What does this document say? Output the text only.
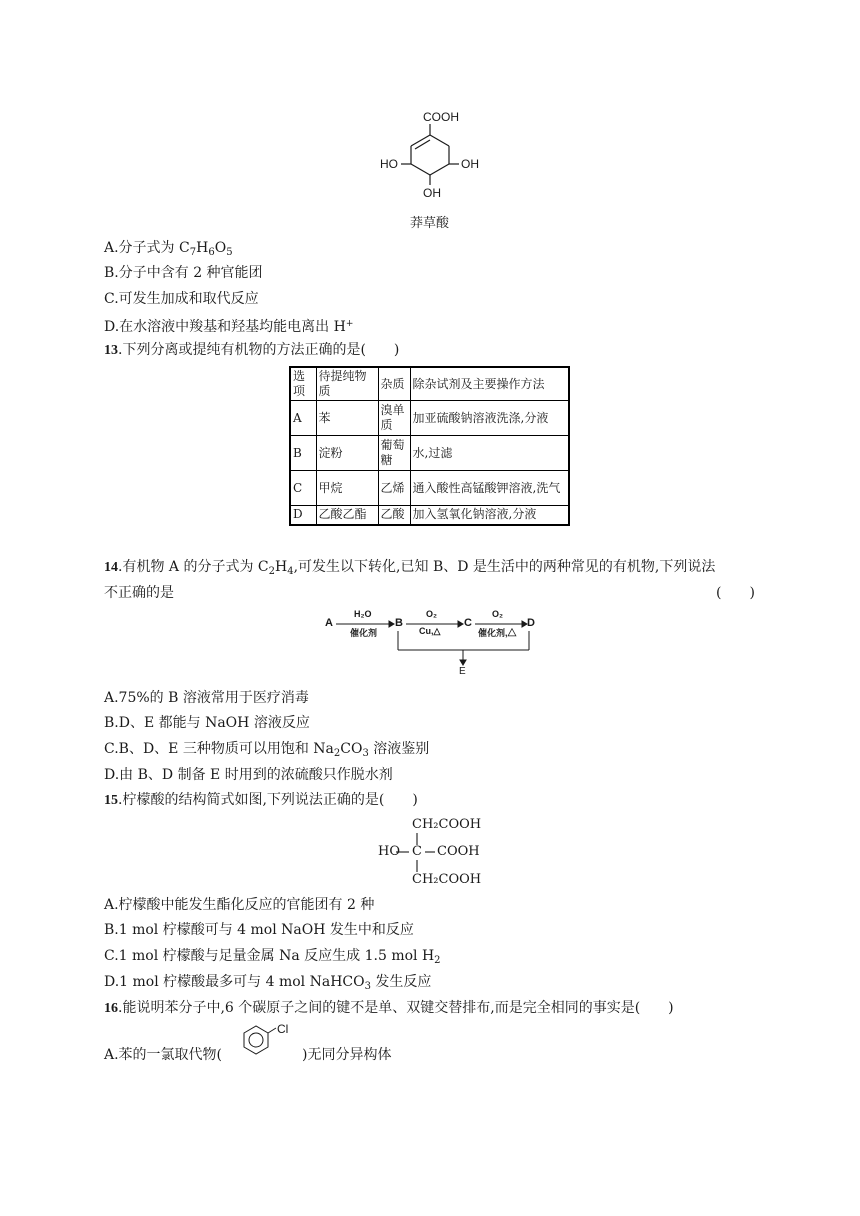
COOH
HO	OH
OH
莽草酸
A.分子式为 $C_7H_6O_5$
B.分子中含有 2 种官能团
C.可发生加成和取代反应
D.在水溶液中羧基和羟基均能电离出 H+
13.下列分离或提纯有机物的方法正确的是(　　)
选项	待提纯物质	杂质	除杂试剂及主要操作方法
A	苯	溴单质	加亚硫酸钠溶液洗涤,分液
B	淀粉	葡萄糖	水,过滤
C	甲烷	乙烯	通入酸性高锰酸钾溶液,洗气
D	乙酸乙酯	乙酸	加入氢氧化钠溶液,分液
14.有机物 A 的分子式为 $C_2H_4$,可发生以下转化,已知 B、D 是生活中的两种常见的有机物,下列说法
不正确的是	(　　)
A	B	C	D
E
H₂O
催化剂
O₂
Cu,△
O₂
催化剂,△
A.75%的 B 溶液常用于医疗消毒
B.D、E 都能与 NaOH 溶液反应
C.B、D、E 三种物质可以用饱和 $Na_2CO_3$ 溶液鉴别
D.由 B、D 制备 E 时用到的浓硫酸只作脱水剂
15.柠檬酸的结构简式如图,下列说法正确的是(　　)
CH₂COOH
HO C COOH
CH₂COOH
A.柠檬酸中能发生酯化反应的官能团有 2 种
B.1 mol 柠檬酸可与 4 mol NaOH 发生中和反应
C.1 mol 柠檬酸与足量金属 Na 反应生成 1.5 mol $H_2$
D.1 mol 柠檬酸最多可与 4 mol NaHCO$_3$ 发生反应
16.能说明苯分子中,6 个碳原子之间的键不是单、双键交替排布,而是完全相同的事实是(　　)
A.苯的一氯取代物(
Cl
)无同分异构体
